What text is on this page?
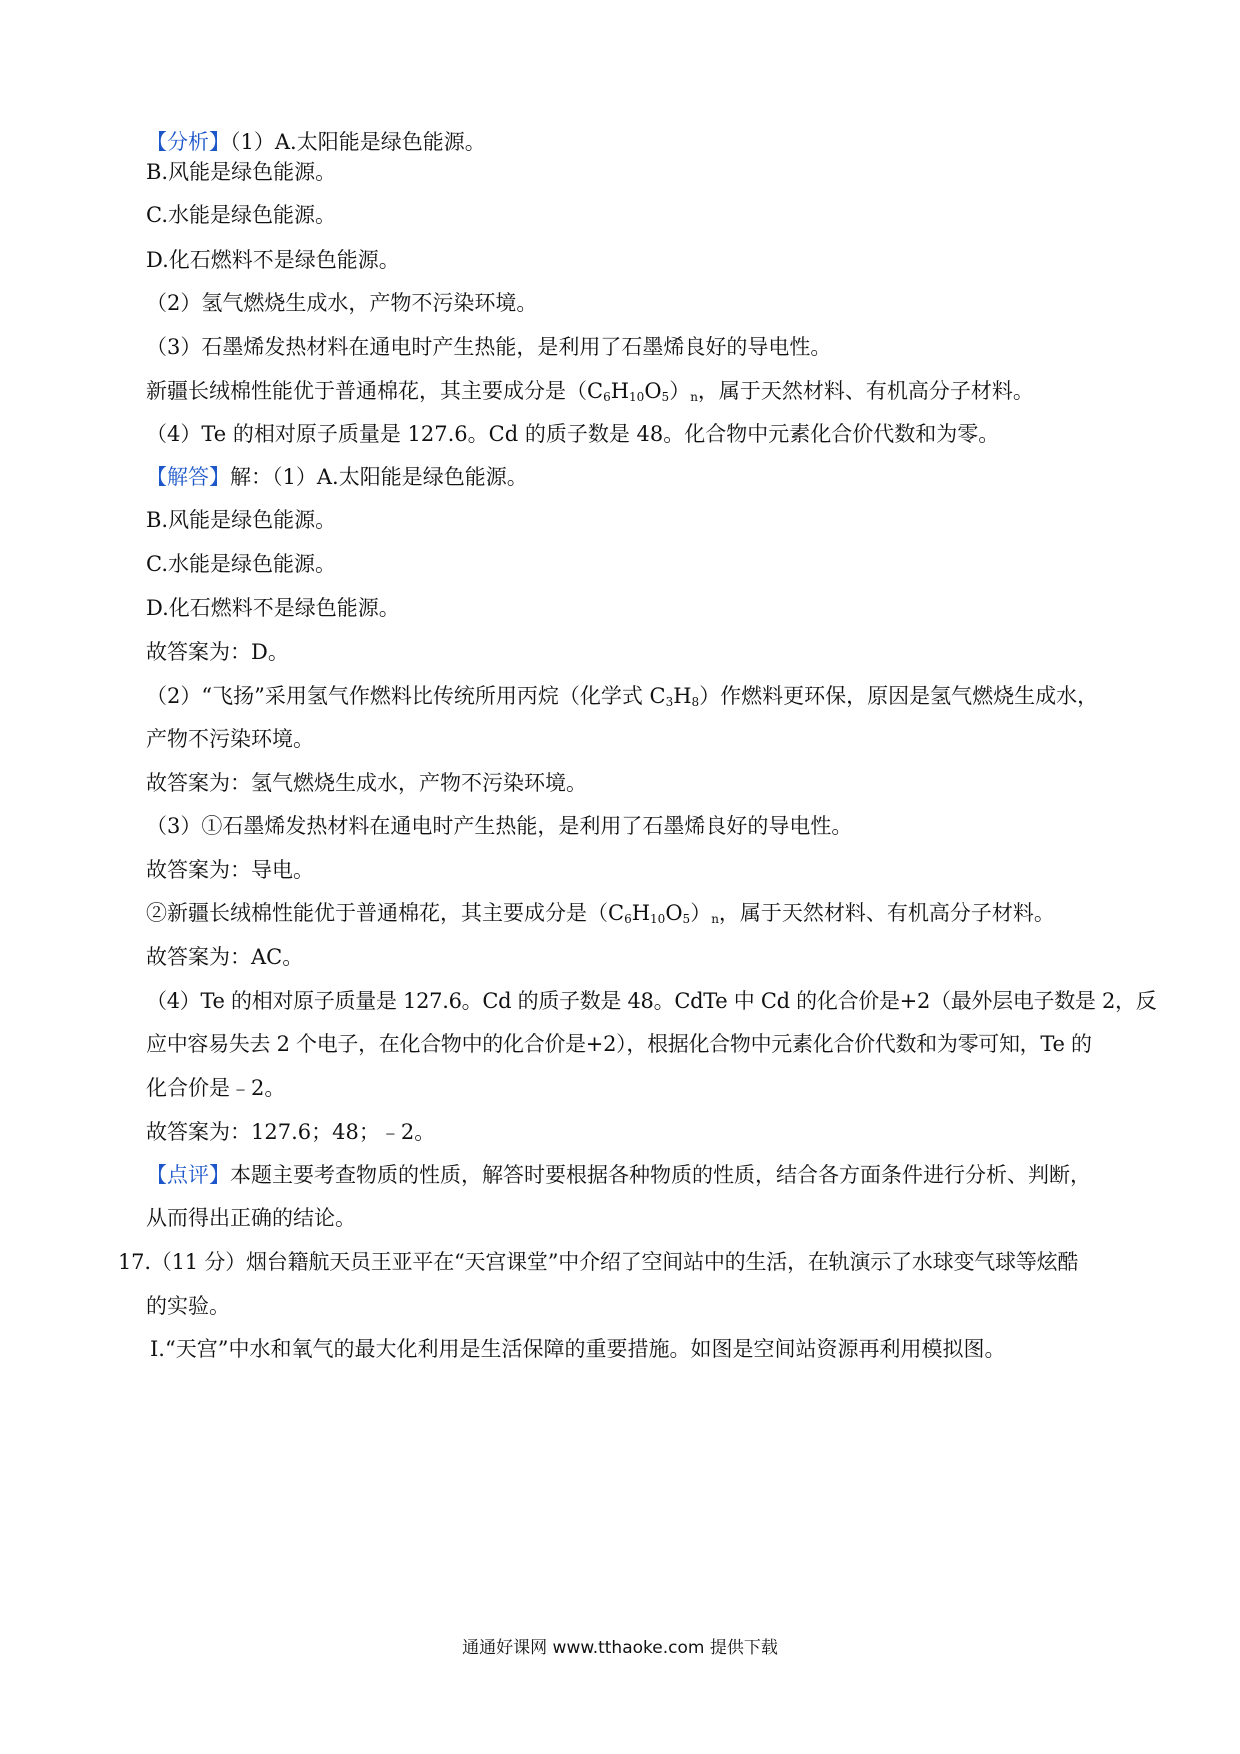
【分析】（1）A.太阳能是绿色能源。
B.风能是绿色能源。
C.水能是绿色能源。
D.化石燃料不是绿色能源。
（2）氢气燃烧生成水，产物不污染环境。
（3）石墨烯发热材料在通电时产生热能，是利用了石墨烯良好的导电性。
新疆长绒棉性能优于普通棉花，其主要成分是$(C_6H_{10}O_5)_n$，属于天然材料、有机高分子材料。
（4）Te 的相对原子质量是 127.6。Cd 的质子数是 48。化合物中元素化合价代数和为零。
【解答】解：（1）A.太阳能是绿色能源。
B.风能是绿色能源。
C.水能是绿色能源。
D.化石燃料不是绿色能源。
故答案为：D。
（2）“飞扬”采用氢气作燃料比传统所用丙烷（化学式 $C_3H_8$）作燃料更环保，原因是氢气燃烧生成水，
产物不污染环境。
故答案为：氢气燃烧生成水，产物不污染环境。
（3）①石墨烯发热材料在通电时产生热能，是利用了石墨烯良好的导电性。
故答案为：导电。
②新疆长绒棉性能优于普通棉花，其主要成分是$(C_6H_{10}O_5)_n$，属于天然材料、有机高分子材料。
故答案为：AC。
（4）Te 的相对原子质量是 127.6。Cd 的质子数是 48。CdTe 中 Cd 的化合价是+2（最外层电子数是 2，反
应中容易失去 2 个电子，在化合物中的化合价是+2），根据化合物中元素化合价代数和为零可知，Te 的
化合价是﹣2。
故答案为：127.6；48；﹣2。
【点评】本题主要考查物质的性质，解答时要根据各种物质的性质，结合各方面条件进行分析、判断，
从而得出正确的结论。
17.（11 分）烟台籍航天员王亚平在“天宫课堂”中介绍了空间站中的生活，在轨演示了水球变气球等炫酷
的实验。
Ⅰ.“天宫”中水和氧气的最大化利用是生活保障的重要措施。如图是空间站资源再利用模拟图。
通通好课网 www.tthaoke.com 提供下载
